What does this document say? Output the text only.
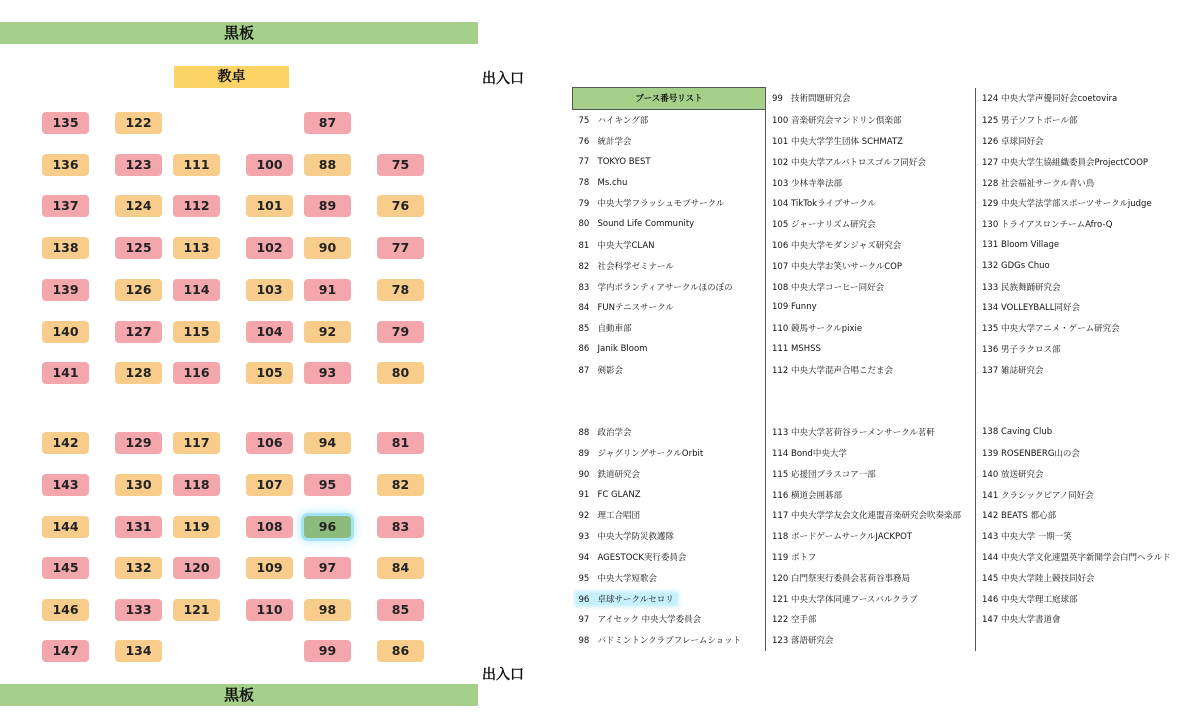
黒板
教卓	出入口
出入口
黒板
135	122	87
136	123	111	100	88	75
137	124	112	101	89	76
138	125	113	102	90	77
139	126	114	103	91	78
140	127	115	104	92	79
141	128	116	105	93	80
142	129	117	106	94	81
143	130	118	107	95	82
144	131	119	108	96	83
145	132	120	109	97	84
146	133	121	110	98	85
147	134	99	86
ブース番号リスト	99 技術問題研究会	124 中央大学声優同好会coetovira
75 ハイキング部	100 音楽研究会マンドリン倶楽部	125 男子ソフトボール部
76 統計学会	101 中央大学学生団体 SCHMATZ	126 卓球同好会
77 TOKYO BEST	102 中央大学アルバトロスゴルフ同好会	127 中央大学生協組織委員会ProjectCOOP
78 Ms.chu	103 少林寺拳法部	128 社会福祉サークル青い鳥
79 中央大学フラッシュモブサークル	104 TikTokライブサークル	129 中央大学法学部スポーツサークルjudge
80 Sound Life Community	105 ジャーナリズム研究会	130 トライアスロンチームAfro-Q
81 中央大学CLAN	106 中央大学モダンジャズ研究会	131 Bloom Village
82 社会科学ゼミナール	107 中央大学お笑いサークルCOP	132 GDGs Chuo
83 学内ボランティアサークルほのぼの	108 中央大学コーヒー同好会	133 民族舞踊研究会
84 FUNテニスサークル	109 Funny	134 VOLLEYBALL同好会
85 自動車部	110 競馬サークルpixie	135 中央大学アニメ・ゲーム研究会
86 Janik Bloom	111 MSHSS	136 男子ラクロス部
87 剣影会	112 中央大学混声合唱こだま会	137 雑誌研究会

88 政治学会	113 中央大学茗荷谷ラーメンサークル茗軒	138 Caving Club
89 ジャグリングサークルOrbit	114 Bond中央大学	139 ROSENBERG山の会
90 鉄道研究会	115 応援団ブラスコア一部	140 放送研究会
91 FC GLANZ	116 横道会囲碁部	141 クラシックピアノ同好会
92 理工合唱団	117 中央大学学友会文化連盟音楽研究会吹奏楽部	142 BEATS 都心部
93 中央大学防災救護隊	118 ボードゲームサークルJACKPOT	143 中央大学 一期一笑
94 AGESTOCK実行委員会	119 ボトフ	144 中央大学文化連盟英字新聞学会白門ヘラルド
95 中央大学短歌会	120 白門祭実行委員会茗荷谷事務局	145 中央大学陸上競技同好会
96 卓球サークルセロリ	121 中央大学体同連フースバルクラブ	146 中央大学理工庭球部
97 アイセック 中央大学委員会	122 空手部	147 中央大学書道會
98 バドミントンクラブフレームショット	123 落語研究会	
